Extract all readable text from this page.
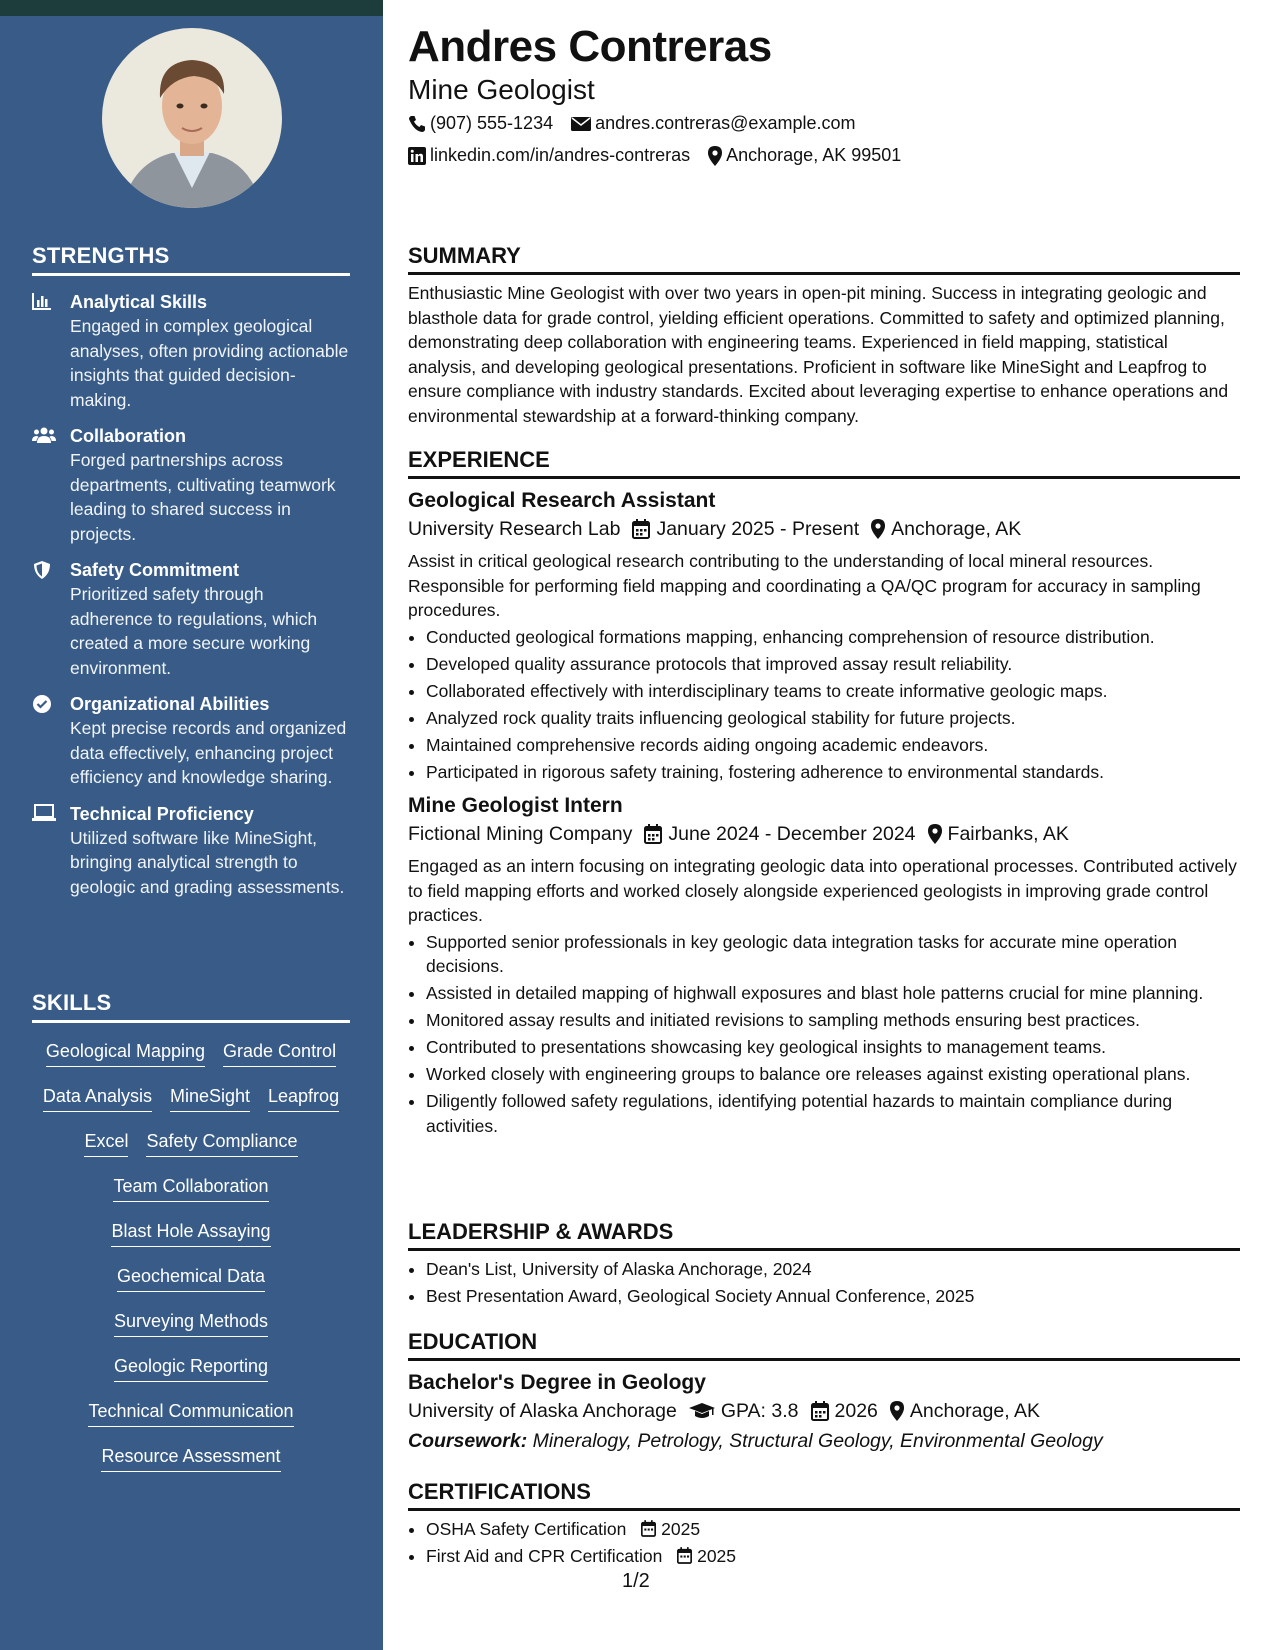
STRENGTHS
Analytical Skills
Engaged in complex geological analyses, often providing actionable insights that guided decision-making.
Collaboration
Forged partnerships across departments, cultivating teamwork leading to shared success in projects.
Safety Commitment
Prioritized safety through adherence to regulations, which created a more secure working environment.
Organizational Abilities
Kept precise records and organized data effectively, enhancing project efficiency and knowledge sharing.
Technical Proficiency
Utilized software like MineSight, bringing analytical strength to geologic and grading assessments.
SKILLS
Geological Mapping Grade Control
Data Analysis MineSight Leapfrog
Excel Safety Compliance
Team Collaboration
Blast Hole Assaying
Geochemical Data
Surveying Methods
Geologic Reporting
Technical Communication
Resource Assessment
Andres Contreras
Mine Geologist
(907) 555-1234 andres.contreras@example.com
linkedin.com/in/andres-contreras Anchorage, AK 99501
SUMMARY
Enthusiastic Mine Geologist with over two years in open-pit mining. Success in integrating geologic and blasthole data for grade control, yielding efficient operations. Committed to safety and optimized planning, demonstrating deep collaboration with engineering teams. Experienced in field mapping, statistical analysis, and developing geological presentations. Proficient in software like MineSight and Leapfrog to ensure compliance with industry standards. Excited about leveraging expertise to enhance operations and environmental stewardship at a forward-thinking company.
EXPERIENCE
Geological Research Assistant
University Research Lab January 2025 - Present Anchorage, AK
Assist in critical geological research contributing to the understanding of local mineral resources. Responsible for performing field mapping and coordinating a QA/QC program for accuracy in sampling procedures.
• Conducted geological formations mapping, enhancing comprehension of resource distribution.
• Developed quality assurance protocols that improved assay result reliability.
• Collaborated effectively with interdisciplinary teams to create informative geologic maps.
• Analyzed rock quality traits influencing geological stability for future projects.
• Maintained comprehensive records aiding ongoing academic endeavors.
• Participated in rigorous safety training, fostering adherence to environmental standards.
Mine Geologist Intern
Fictional Mining Company June 2024 - December 2024 Fairbanks, AK
Engaged as an intern focusing on integrating geologic data into operational processes. Contributed actively to field mapping efforts and worked closely alongside experienced geologists in improving grade control practices.
• Supported senior professionals in key geologic data integration tasks for accurate mine operation decisions.
• Assisted in detailed mapping of highwall exposures and blast hole patterns crucial for mine planning.
• Monitored assay results and initiated revisions to sampling methods ensuring best practices.
• Contributed to presentations showcasing key geological insights to management teams.
• Worked closely with engineering groups to balance ore releases against existing operational plans.
• Diligently followed safety regulations, identifying potential hazards to maintain compliance during activities.
LEADERSHIP & AWARDS
• Dean's List, University of Alaska Anchorage, 2024
• Best Presentation Award, Geological Society Annual Conference, 2025
EDUCATION
Bachelor's Degree in Geology
University of Alaska Anchorage GPA: 3.8 2026 Anchorage, AK
Coursework: Mineralogy, Petrology, Structural Geology, Environmental Geology
CERTIFICATIONS
• OSHA Safety Certification 2025
• First Aid and CPR Certification 2025
1/2
